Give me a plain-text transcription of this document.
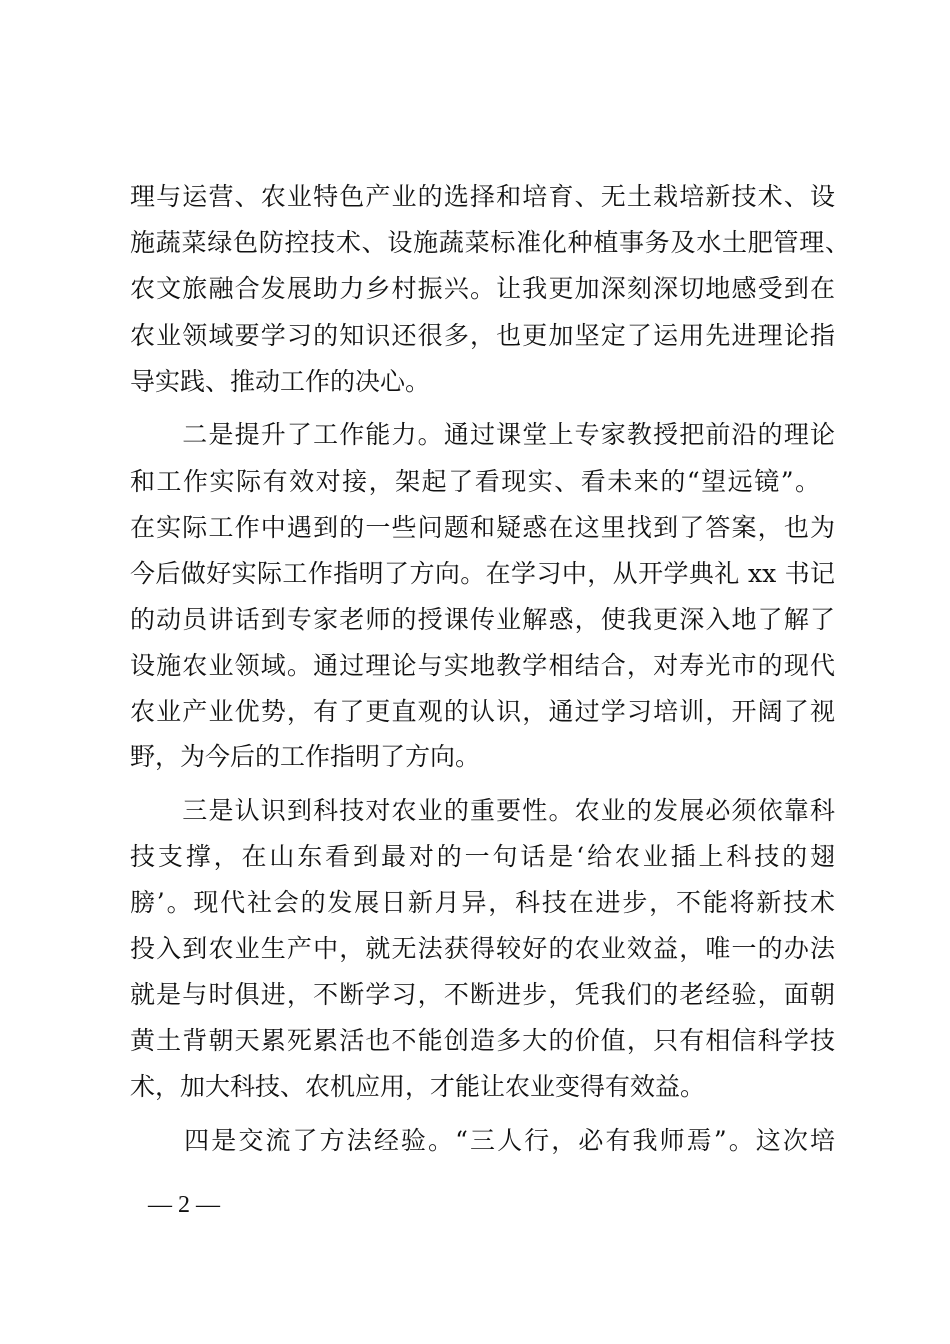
理与运营、农业特色产业的选择和培育、无土栽培新技术、设
施蔬菜绿色防控技术、设施蔬菜标准化种植事务及水土肥管理、
农文旅融合发展助力乡村振兴。让我更加深刻深切地感受到在
农业领域要学习的知识还很多，也更加坚定了运用先进理论指
导实践、推动工作的决心。
　　二是提升了工作能力。通过课堂上专家教授把前沿的理论
和工作实际有效对接，架起了看现实、看未来的“望远镜”。
在实际工作中遇到的一些问题和疑惑在这里找到了答案，也为
今后做好实际工作指明了方向。在学习中，从开学典礼 xx 书记
的动员讲话到专家老师的授课传业解惑，使我更深入地了解了
设施农业领域。通过理论与实地教学相结合，对寿光市的现代
农业产业优势，有了更直观的认识，通过学习培训，开阔了视
野，为今后的工作指明了方向。
　　三是认识到科技对农业的重要性。农业的发展必须依靠科
技支撑，在山东看到最对的一句话是‘给农业插上科技的翅
膀’。现代社会的发展日新月异，科技在进步，不能将新技术
投入到农业生产中，就无法获得较好的农业效益，唯一的办法
就是与时俱进，不断学习，不断进步，凭我们的老经验，面朝
黄土背朝天累死累活也不能创造多大的价值，只有相信科学技
术，加大科技、农机应用，才能让农业变得有效益。
　　四是交流了方法经验。“三人行，必有我师焉”。这次培
— 2 —
